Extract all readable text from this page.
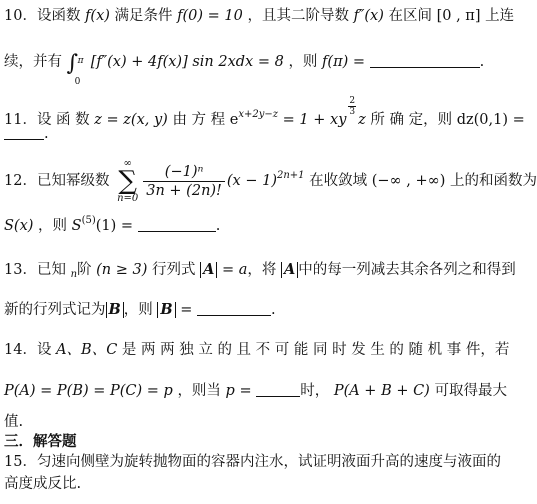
10．设函数 f(x) 满足条件 f(0) = 10 ，且其二阶导数 f″(x) 在区间 [0 , π] 上连
续，并有 ∫ π
0
[f″(x) + 4f(x)] sin 2xdx = 8 ，则 f(π) =	.
11．设 函 数 z = z(x, y) 由 方 程 $e^{x+2y-z} = 1$ + xy
$\frac{2}{3}$
z 所 确 定，则 dz(0,1) =
.
12．已知幂级数
∞
∑
$n=0 \frac{\text{(−1)ⁿ}}{3n + (2n)!} (x - 1)^{2n+1}$ 在收敛域 (−∞ , +∞) 上的和函数为
S(x) ，则 $S^{(5)}(1)$ =	.
13．已知 $_n$阶 (n ≥ 3) 行列式 A = a，将 A 中的每一列减去其余各列之和得到
新的行列式记为 B ，则 B =	.
14．设 A、B、C 是 两 两 独 立 的 且 不 可 能 同 时 发 生 的 随 机 事 件，若
P(A) = P(B) = P(C) = p ，则当 p =	时， P(A + B + C) 可取得最大
值.
三．解答题
15．匀速向侧壁为旋转抛物面的容器内注水，试证明液面升高的速度与液面的
高度成反比.
